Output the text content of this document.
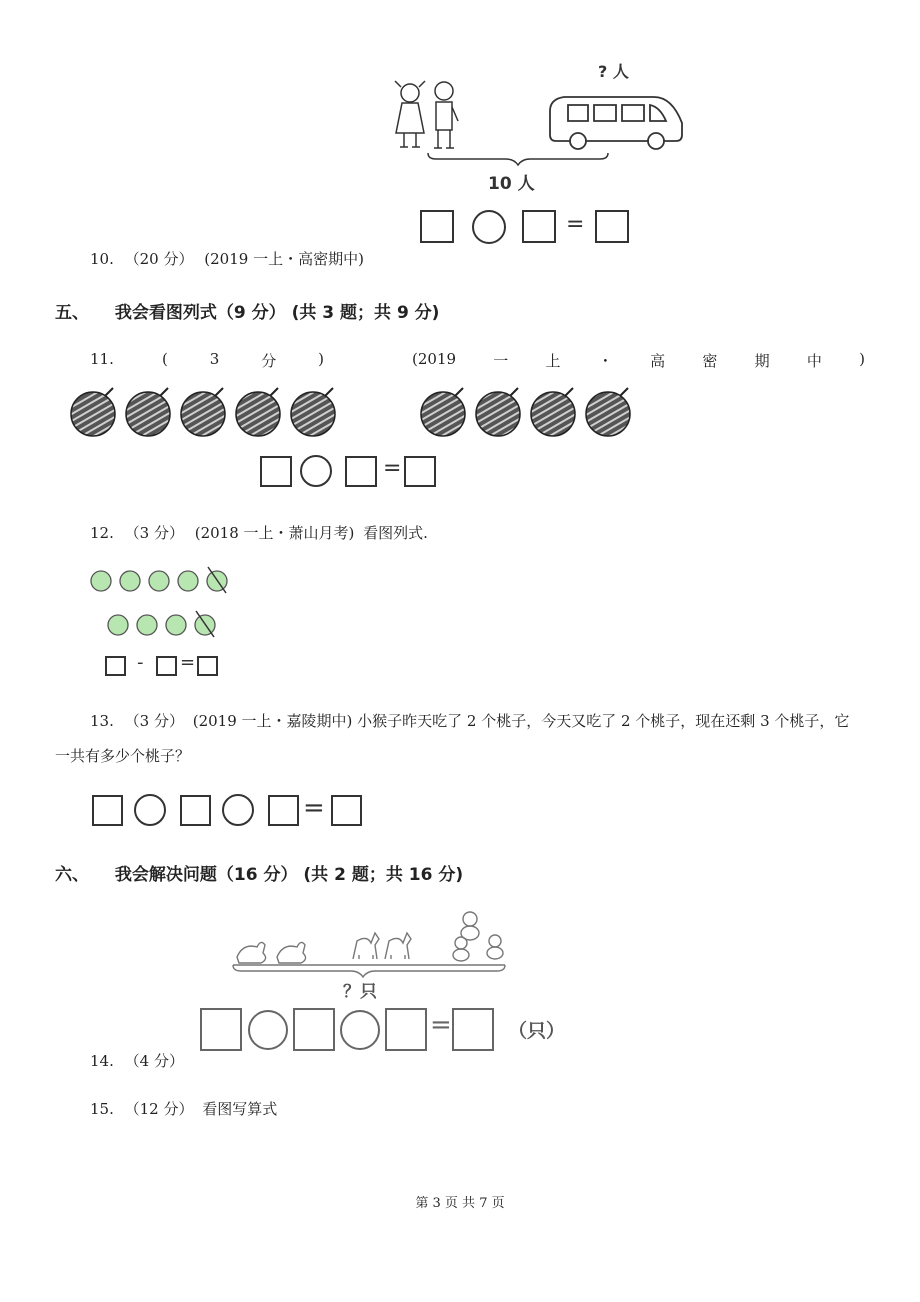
? 人
10 人
=
10. （20 分） (2019 一上・高密期中)
五、 我会看图列式（9 分） (共 3 题；共 9 分)
11.	(	3	分	)	(2019 一 上 ・ 高 密 期 中 )
=
12. （3 分） (2018 一上・萧山月考) 看图列式.
- =
13. （3 分） (2019 一上・嘉陵期中) 小猴子昨天吃了 2 个桃子，今天又吃了 2 个桃子，现在还剩 3 个桃子，它
一共有多少个桃子？
=
六、 我会解决问题（16 分） (共 2 题；共 16 分)
？只
=	（只）
14. （4 分）
15. （12 分） 看图写算式
第 3 页 共 7 页
